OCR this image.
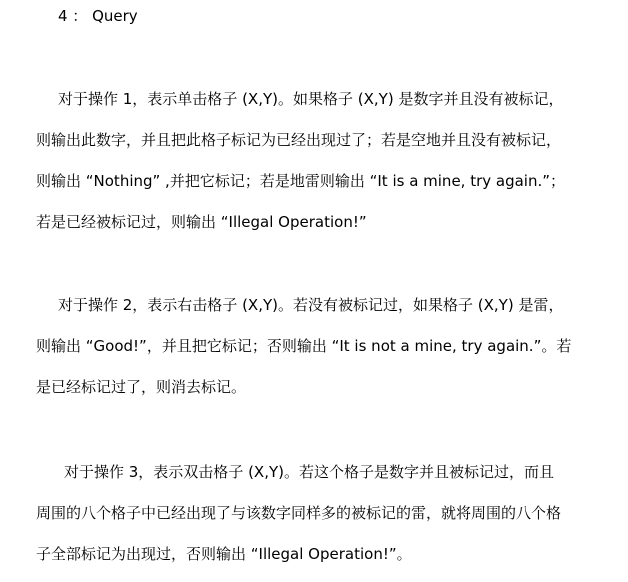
4 ： Query
对于操作 1，表示单击格子 (X,Y)。如果格子 (X,Y) 是数字并且没有被标记，
则输出此数字，并且把此格子标记为已经出现过了；若是空地并且没有被标记，
则输出 “Nothing” ,并把它标记；若是地雷则输出 “It is a mine, try again.”；
若是已经被标记过，则输出 “Illegal Operation!”
对于操作 2，表示右击格子 (X,Y)。若没有被标记过，如果格子 (X,Y) 是雷，
则输出 “Good!”，并且把它标记；否则输出 “It is not a mine, try again.”。若
是已经标记过了，则消去标记。
对于操作 3，表示双击格子 (X,Y)。若这个格子是数字并且被标记过，而且
周围的八个格子中已经出现了与该数字同样多的被标记的雷，就将周围的八个格
子全部标记为出现过，否则输出 “Illegal Operation!”。
